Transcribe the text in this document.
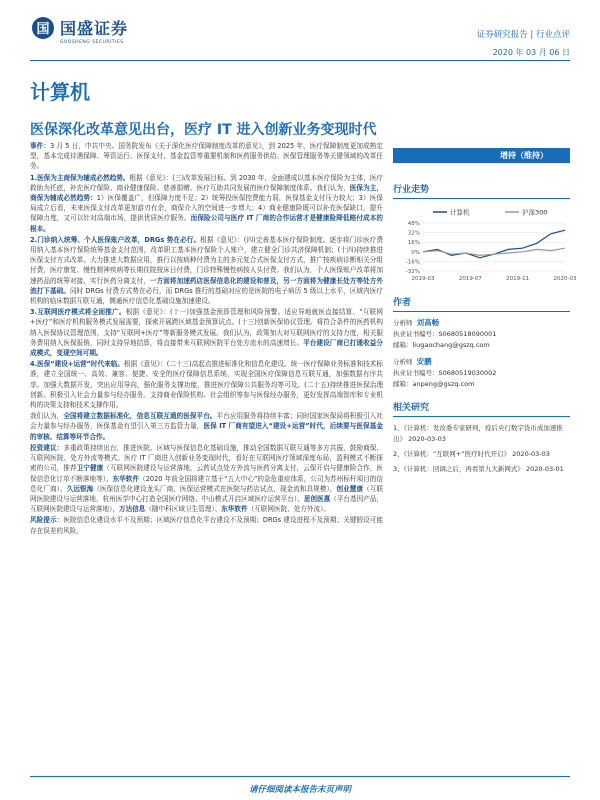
国 国盛证券
GUOSHENG SECURITIES
证券研究报告 | 行业点评
2020 年 03 月 06 日
计算机
医保深化改革意见出台，医疗 IT 进入创新业务变现时代

事件：3 月 5 日，中共中央、国务院发布《关于深化医疗保障制度改革的意见》，到 2025 年，医疗保障制度更加成熟定型，基本完成待遇保障、筹资运行、医保支付、基金监管等重要机制和医药服务供给、医保管理服务等关键领域的改革任务。

1.医保为主商保为辅成必然趋势。根据《意见》：(三)改革发展目标。到 2030 年，全面建成以基本医疗保险为主体，医疗救助为托底，补充医疗保险、商业健康保险、慈善捐赠、医疗互助共同发展的医疗保障制度体系。我们认为，医保为主，商保为辅成必然趋势：1）医保覆盖广，但保障力度不足；2）统筹投医保控费能力弱，医保基金支付压力较大；3）医保局成立后看，未来医保支付改革更加游刃有余，商保介入的空间进一步增大；4）商业健康险既可以补充医保缺口，提升保障力度，又可以针对高端市场，提供优质医疗服务。而保险公司与医疗 IT 厂商的合作运营才是健康险降低赔付成本的根本。

2.门诊纳入统筹、个人医保账户改革，DRGs 势在必行。根据《意见》：(四)完善基本医疗保险制度。逐步将门诊医疗费用纳入基本医疗保险统筹基金支付范围，改革职工基本医疗保险个人账户，建立健全门诊共济保障机制；(十四)持续推进医保支付方式改革。大力推进大数据应用，推行以按病种付费为主的多元复合式医保支付方式，推广按疾病诊断相关分组付费，医疗康复、慢性精神疾病等长期住院按床日付费，门诊特殊慢性病按人头付费。我们认为，个人医保账户改革将加速药品的统筹对接，实行医药分离支付，一方面将加速药店医保信息化的建设和普及，另一方面将为健康长处方等处方外流打下基础。同时 DRGs 付费方式势在必行，而 DRGs 推行的基础对应的是医院的电子病历 5 级以上水平，区域内医疗机构的临床数据互联互通，侧通医疗信息化基础设施加速建设。

3.互联网医疗模式将全面推广。根据《意见》：(十一)加强基金预算管理和风险预警。适应异地就医直接结算、“互联网+医疗”和医疗机构服务模式发展需要，探索开展跨区域基金预算试点。(十三)创新医保协议管理。将符合条件的医药机构纳入医保协议管理范围，支持“互联网+医疗”等新服务模式发展。我们认为，政策加大对互联网医疗的支持力度，相关服务费用纳入医保报销，同时支持异地结算，将直接带来互联网医院平台处方流水的高速增长。平台建设厂商已打通收益分成模式，变现空间可期。

4.医保“建设+运营”时代来临。根据《意见》：(二十三)高起点推进标准化和信息化建设。统一医疗保障业务标准和技术标准，建立全国统一、高效、兼容、便捷、安全的医疗保障信息系统，实现全国医疗保障信息互联互通，加强数据有序共享。加强大数据开发，突出应用导向，强化服务支撑功能，推进医疗保障公共服务均等可及。(二十五)持续推进医保治理创新。积极引入社会力量参与经办服务。支持商业保险机构、社会组织等参与医保经办服务，更好发挥高端智库和专业机构的决策支持和技术支撑作用。

我们认为，全国将建立数据标准化，信息互联互通的医保平台。平台应用服务将持续丰富；同时国家医保局将积极引入社会力量参与经办服务，医保基金有望引入第三方监管力量，医保 IT 厂商有望进入“建设+运营”时代，后续要与医保基金的审核、结算等环节合作。

投资建议：多重政策持续出台，推进医院、区域与医保信息化基础设施，推动全国数据互联互通等多方共振，鼓励商保、互联网医院、处方外流等模式。医疗 IT 厂商进入创新业务变现时代，看好在互联网医疗领域深度布局，盈利模式不断探索的公司，推荐卫宁健康（互联网医院建设与运营落地，云药试点处方外流与医药分离支付，云保开启与健康险合作，医保信息化订单不断落地等）、东华软件（2020 年前全国将建立基于“五大中心”的急危重症体系，公司为苏州标杆项目的信息化厂商），久远银海（医保信息化建设龙头厂商，医保运营模式在医院与药店试点，现金流和具规模），创业慧康（互联网医院建设与运营落地，杭州医学中心打造全国医疗网络、中山模式开启区域医疗运营平台）、思创医惠（平台基因产品，互联网医院建设与运营落地），万达信息（随中科区域卫生管理）、东华软件（互联网医院、处方外流）。

风险提示：医院信息化建设水平不及预期；区域医疗信息化平台建设不及预期；DRGs 建设进程不及预期；关键假设可能存在误差的风险。

增持（维持）
行业走势
计算机	沪深300
48%
32%
16%
0%
-16%
-32%
2019-03	2019-07	2019-11	2020-03
作者
分析师 刘高畅
执业证书编号：S0680518090001
邮箱：liugaochang@gszq.com
分析师 安鹏
执业证书编号：S0680519030002
邮箱：anpeng@gszq.com
相关研究
1、《计算机：发改委专家研判，疫后央行数字货币成加速推出》 2020-03-03
2、《计算机：“互联网+”医疗时代开启》 2020-03-03
3、《计算机：回调之后，再看第九大新网式》 2020-03-01
请仔细阅读本报告末页声明
